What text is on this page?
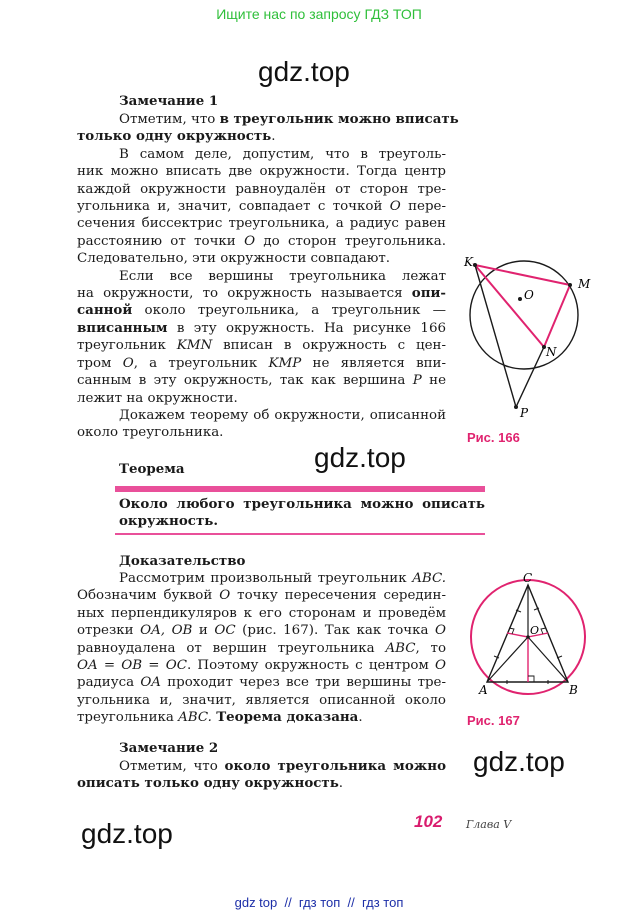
Ищите нас по запросу ГДЗ ТОП
gdz.top
Замечание 1
Отметим, что в треугольник можно вписать
только одну окружность.
В самом деле, допустим, что в треуголь-
ник можно вписать две окружности. Тогда центр
каждой окружности равноудалён от сторон тре-
угольника и, значит, совпадает с точкой O пере-
сечения биссектрис треугольника, а радиус равен
расстоянию от точки O до сторон треугольника.
Следовательно, эти окружности совпадают.
Если все вершины треугольника лежат
на окружности, то окружность называется опи-
санной около треугольника, а треугольник —
вписанным в эту окружность. На рисунке 166
треугольник KMN вписан в окружность с цен-
тром O, а треугольник KMP не является впи-
санным в эту окружность, так как вершина P не
лежит на окружности.
Докажем теорему об окружности, описанной
около треугольника.
K
M
N
O
P
Рис. 166
gdz.top
Теорема
Около любого треугольника можно описать
окружность.
Доказательство
Рассмотрим произвольный треугольник ABC.
Обозначим буквой O точку пересечения середин-
ных перпендикуляров к его сторонам и проведём
отрезки OA, OB и OC (рис. 167). Так как точка O
равноудалена от вершин треугольника ABC, то
OA = OB = OC. Поэтому окружность с центром O
радиуса OA проходит через все три вершины тре-
угольника и, значит, является описанной около
треугольника ABC. Теорема доказана.
A	B
C
O
Рис. 167
Замечание 2
Отметим, что около треугольника можно
описать только одну окружность.
gdz.top
gdz.top	102 Глава V
gdz top  //  гдз топ  //  гдз топ
